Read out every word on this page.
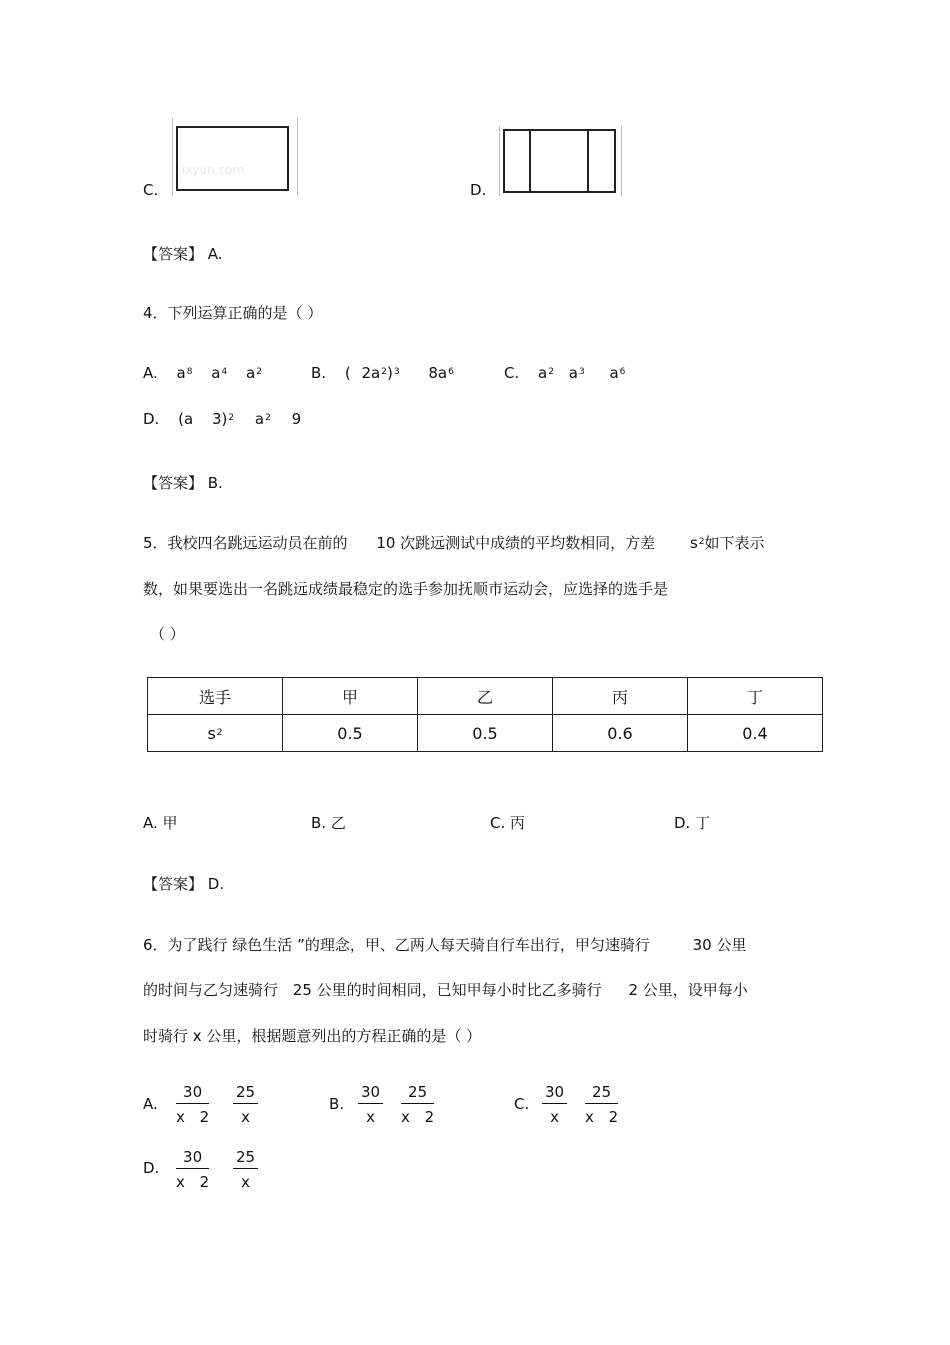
C.
ixyun.com
D.
【答案】 A.
4．下列运算正确的是（ ）
A. $a^8$ $a^4$ $a^2$	B. ( $2a^2)^3$ $8a^6$	C. $a^2$ $a^3$ $a^6$
D. (a 3)$^2$ $a^2$ 9
【答案】 B.
5．我校四名跳远运动员在前的 10 次跳远测试中成绩的平均数相同，方差 $s^2$如下表示
数，如果要选出一名跳远成绩最稳定的选手参加抚顺市运动会，应选择的选手是
（ ）
选手	甲	乙	丙	丁
$s^2$	0.5	0.5	0.6	0.4
A. 甲	B. 乙	C. 丙	D. 丁
【答案】 D.
6．为了践行 绿色生活 ”的理念，甲、乙两人每天骑自行车出行，甲匀速骑行	30 公里
的时间与乙匀速骑行 25 公里的时间相同，已知甲每小时比乙多骑行 2 公里，设甲每小
时骑行 x 公里，根据题意列出的方程正确的是（ ）
A. $\frac{30}{x 2} \frac{25}{x}$	B. $\frac{30}{x} \frac{25}{x 2}$	C. $\frac{30}{x} \frac{25}{x 2}$
D. $\frac{30}{x 2} \frac{25}{x}$
